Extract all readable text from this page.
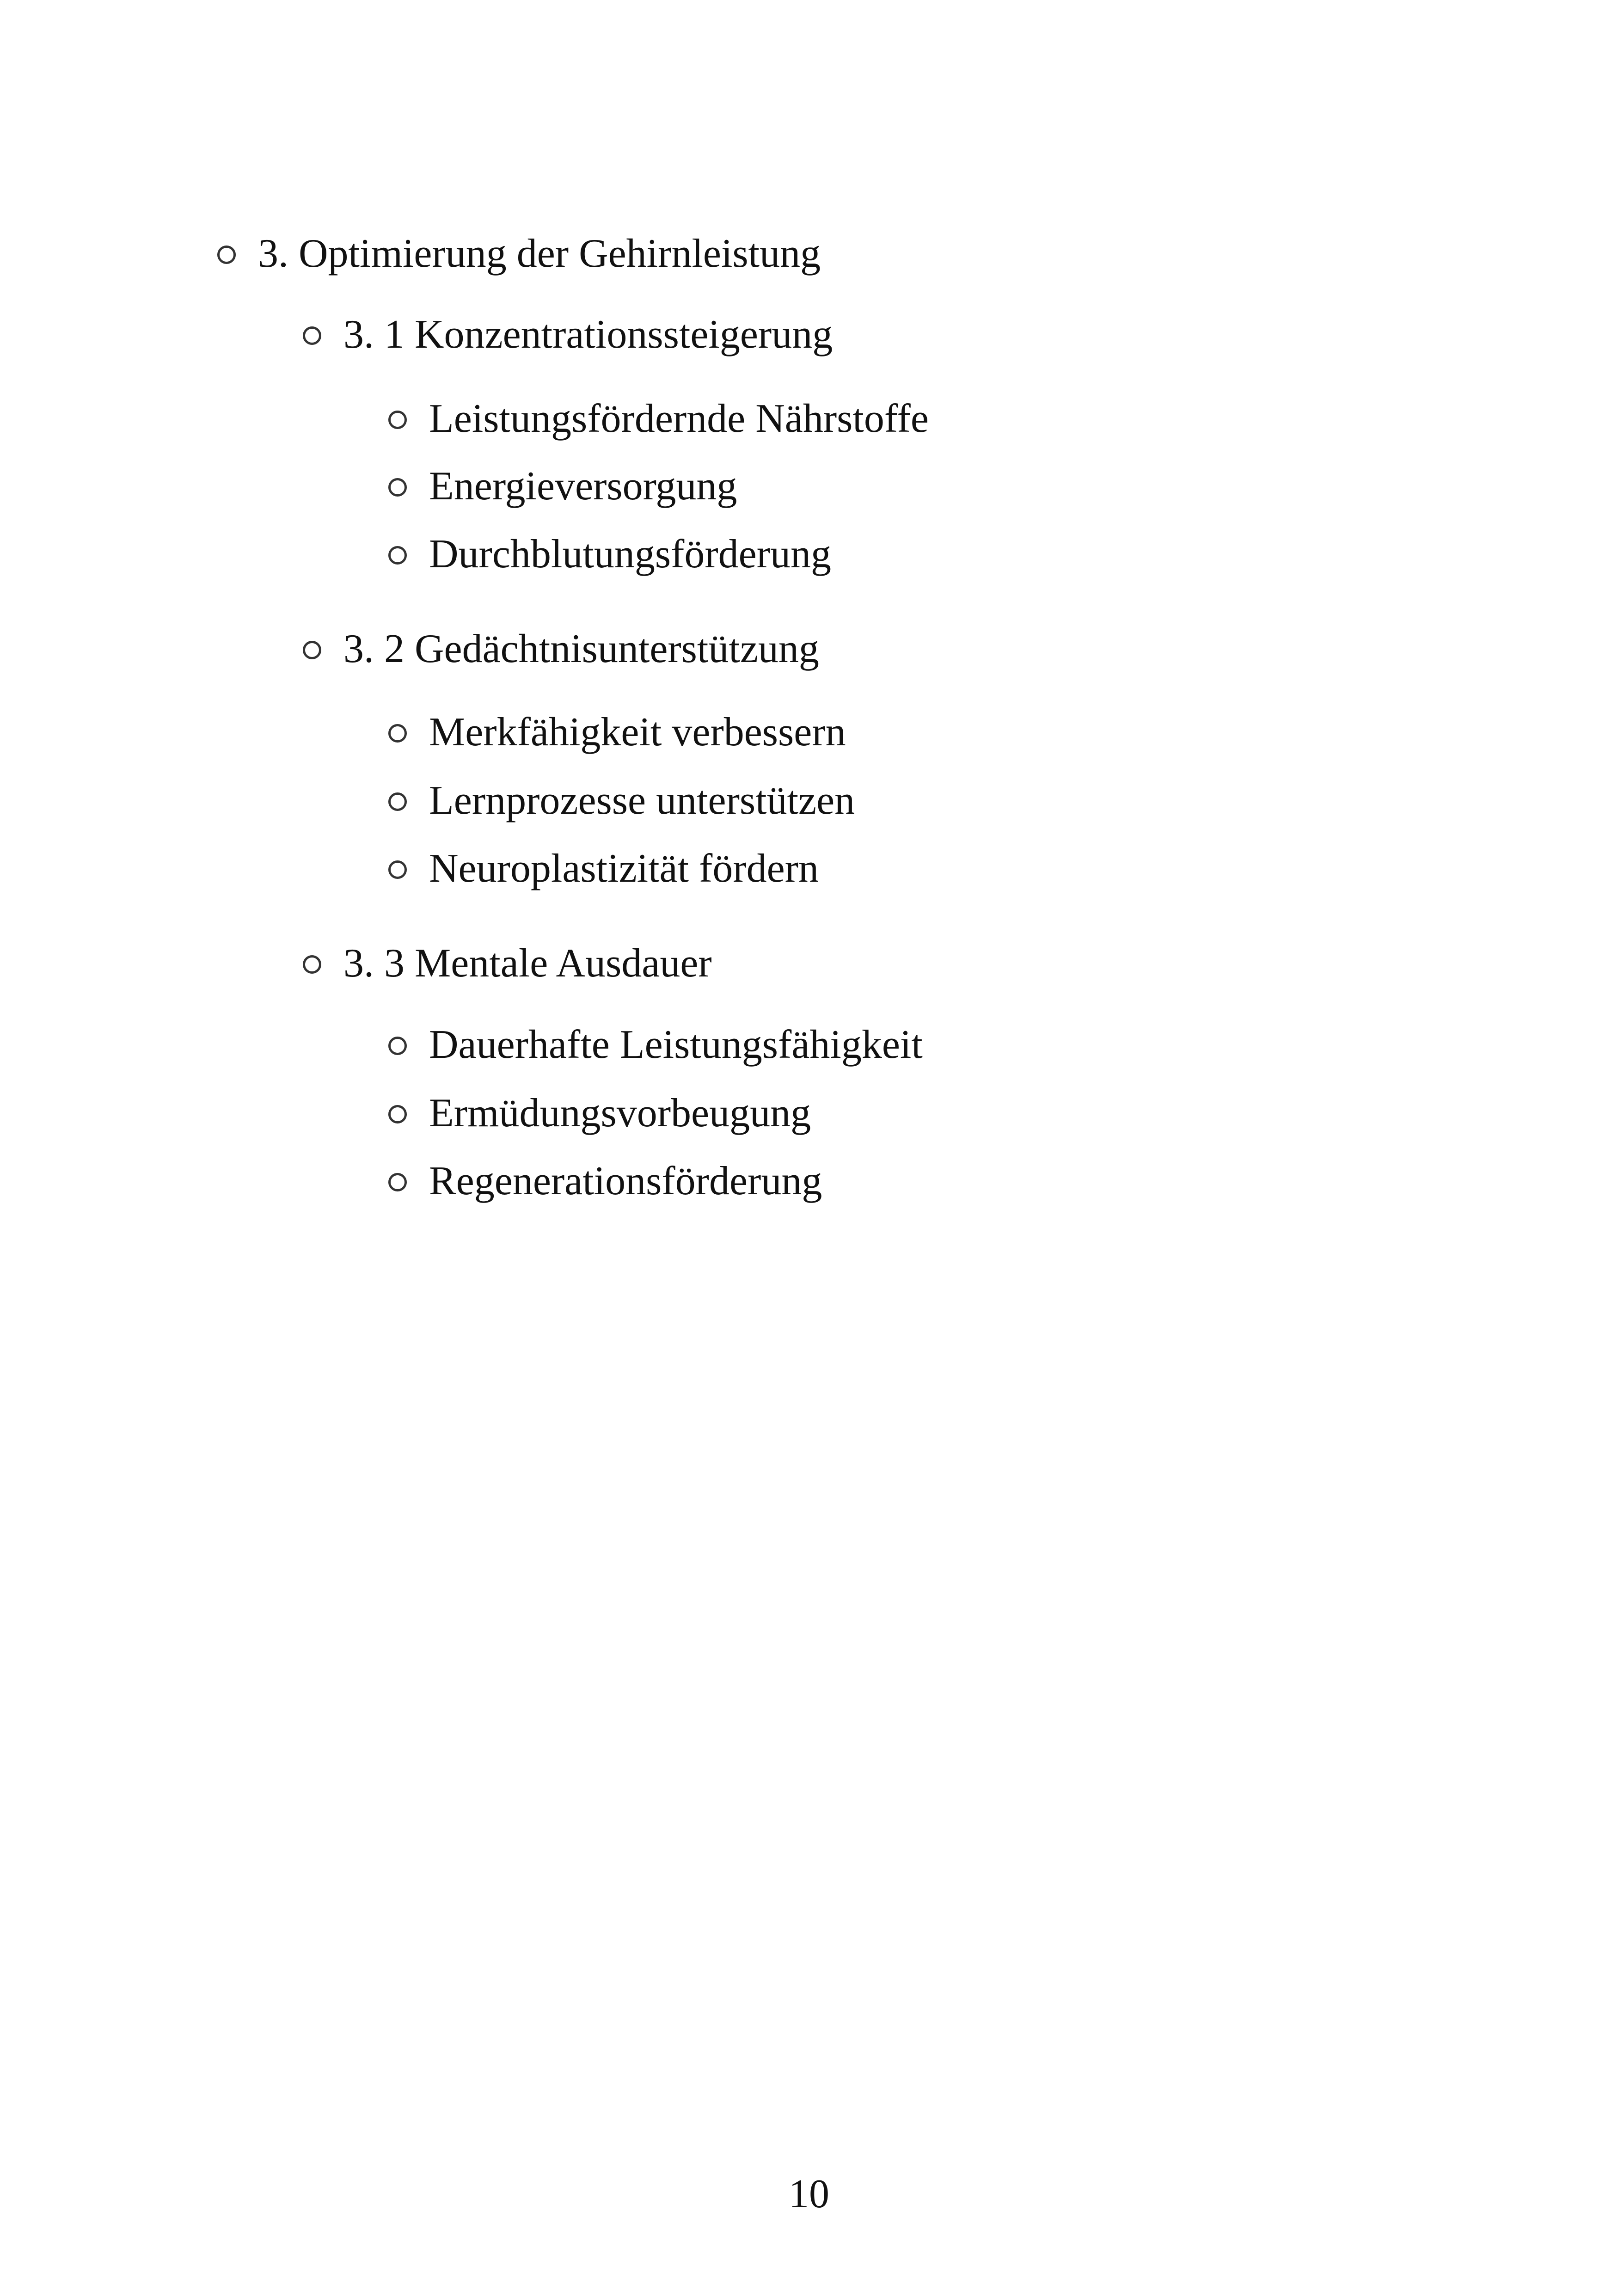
3. Optimierung der Gehirnleistung
3. 1 Konzentrationssteigerung
Leistungsfördernde Nährstoffe
Energieversorgung
Durchblutungsförderung
3. 2 Gedächtnisunterstützung
Merkfähigkeit verbessern
Lernprozesse unterstützen
Neuroplastizität fördern
3. 3 Mentale Ausdauer
Dauerhafte Leistungsfähigkeit
Ermüdungsvorbeugung
Regenerationsförderung
10
